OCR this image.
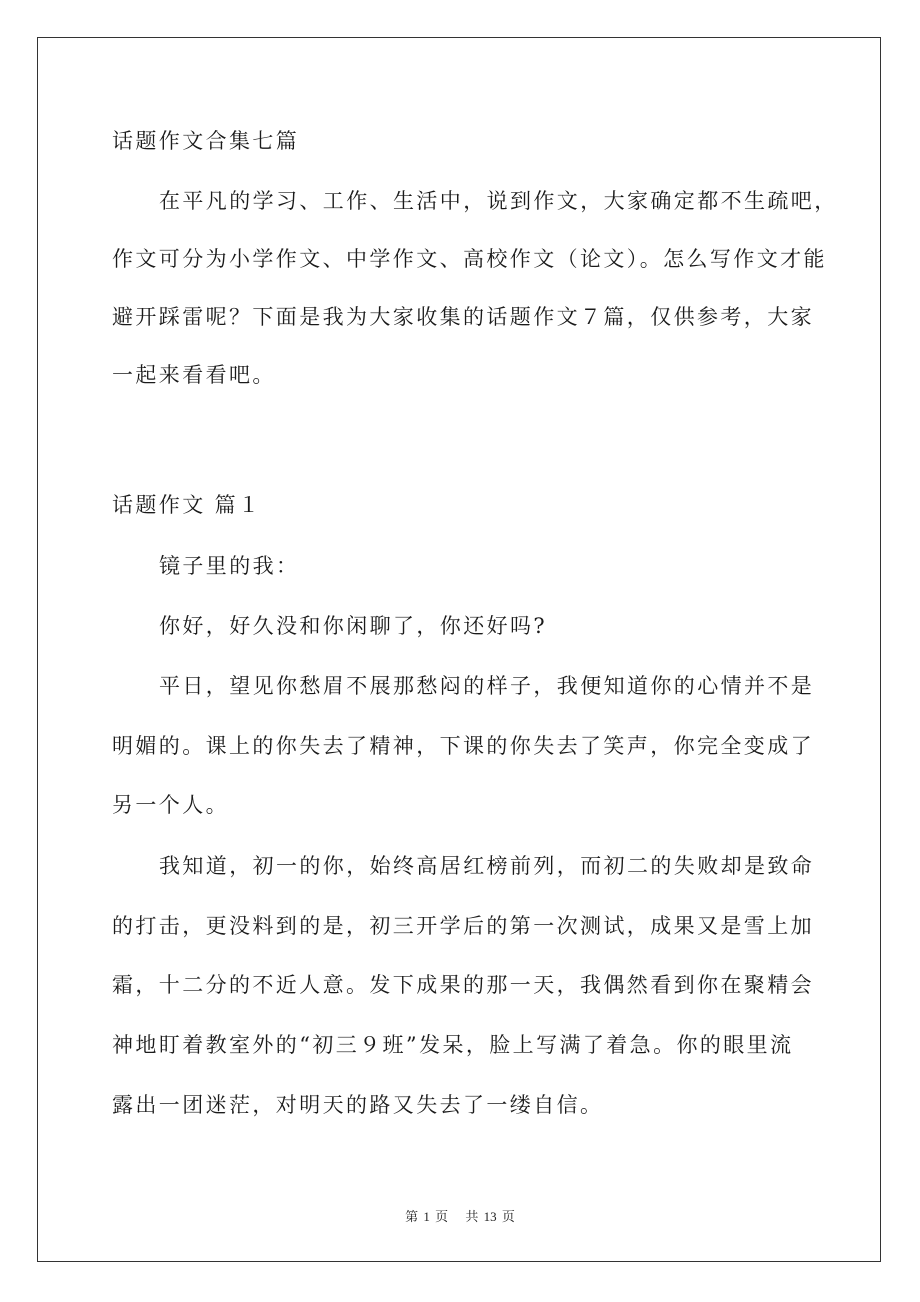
话题作文合集七篇
在平凡的学习、工作、生活中，说到作文，大家确定都不生疏吧，
作文可分为小学作文、中学作文、高校作文（论文）。怎么写作文才能
避开踩雷呢？下面是我为大家收集的话题作文７篇，仅供参考，大家
一起来看看吧。
话题作文 篇１
镜子里的我：
你好，好久没和你闲聊了，你还好吗?
平日，望见你愁眉不展那愁闷的样子，我便知道你的心情并不是
明媚的。课上的你失去了精神，下课的你失去了笑声，你完全变成了
另一个人。
我知道，初一的你，始终高居红榜前列，而初二的失败却是致命
的打击，更没料到的是，初三开学后的第一次测试，成果又是雪上加
霜，十二分的不近人意。发下成果的那一天，我偶然看到你在聚精会
神地盯着教室外的“初三９班”发呆，脸上写满了着急。你的眼里流
露出一团迷茫，对明天的路又失去了一缕自信。
第 1 页 共 13 页
